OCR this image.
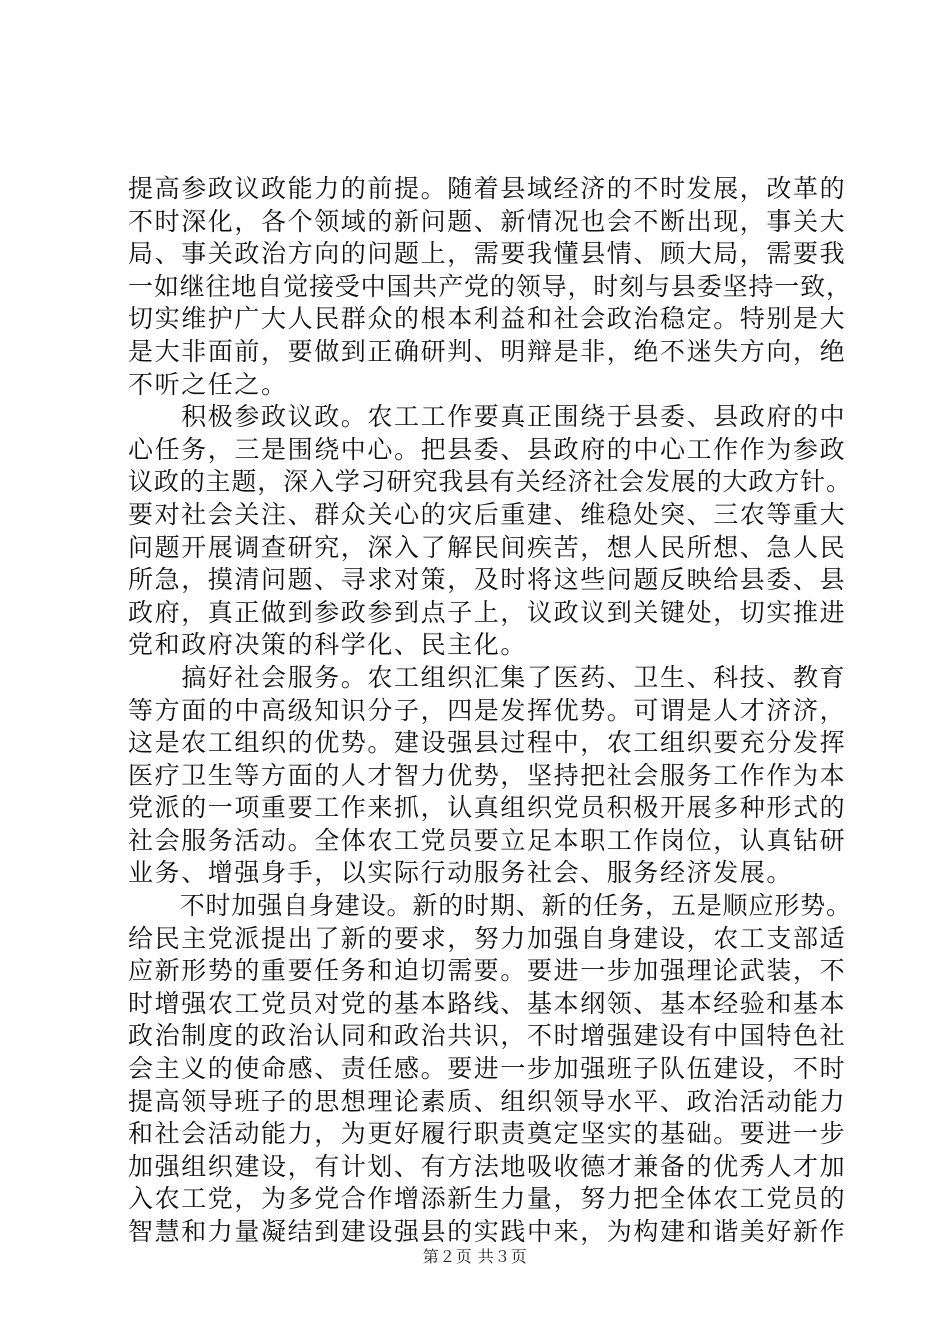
提高参政议政能力的前提。随着县域经济的不时发展，改革的
不时深化，各个领域的新问题、新情况也会不断出现，事关大
局、事关政治方向的问题上，需要我懂县情、顾大局，需要我
一如继往地自觉接受中国共产党的领导，时刻与县委坚持一致，
切实维护广大人民群众的根本利益和社会政治稳定。特别是大
是大非面前，要做到正确研判、明辩是非，绝不迷失方向，绝
不听之任之。
　　积极参政议政。农工工作要真正围绕于县委、县政府的中
心任务，三是围绕中心。把县委、县政府的中心工作作为参政
议政的主题，深入学习研究我县有关经济社会发展的大政方针。
要对社会关注、群众关心的灾后重建、维稳处突、三农等重大
问题开展调查研究，深入了解民间疾苦，想人民所想、急人民
所急，摸清问题、寻求对策，及时将这些问题反映给县委、县
政府，真正做到参政参到点子上，议政议到关键处，切实推进
党和政府决策的科学化、民主化。
　　搞好社会服务。农工组织汇集了医药、卫生、科技、教育
等方面的中高级知识分子，四是发挥优势。可谓是人才济济，
这是农工组织的优势。建设强县过程中，农工组织要充分发挥
医疗卫生等方面的人才智力优势，坚持把社会服务工作作为本
党派的一项重要工作来抓，认真组织党员积极开展多种形式的
社会服务活动。全体农工党员要立足本职工作岗位，认真钻研
业务、增强身手，以实际行动服务社会、服务经济发展。
　　不时加强自身建设。新的时期、新的任务，五是顺应形势。
给民主党派提出了新的要求，努力加强自身建设，农工支部适
应新形势的重要任务和迫切需要。要进一步加强理论武装，不
时增强农工党员对党的基本路线、基本纲领、基本经验和基本
政治制度的政治认同和政治共识，不时增强建设有中国特色社
会主义的使命感、责任感。要进一步加强班子队伍建设，不时
提高领导班子的思想理论素质、组织领导水平、政治活动能力
和社会活动能力，为更好履行职责奠定坚实的基础。要进一步
加强组织建设，有计划、有方法地吸收德才兼备的优秀人才加
入农工党，为多党合作增添新生力量，努力把全体农工党员的
智慧和力量凝结到建设强县的实践中来，为构建和谐美好新作
第２页 共３页
